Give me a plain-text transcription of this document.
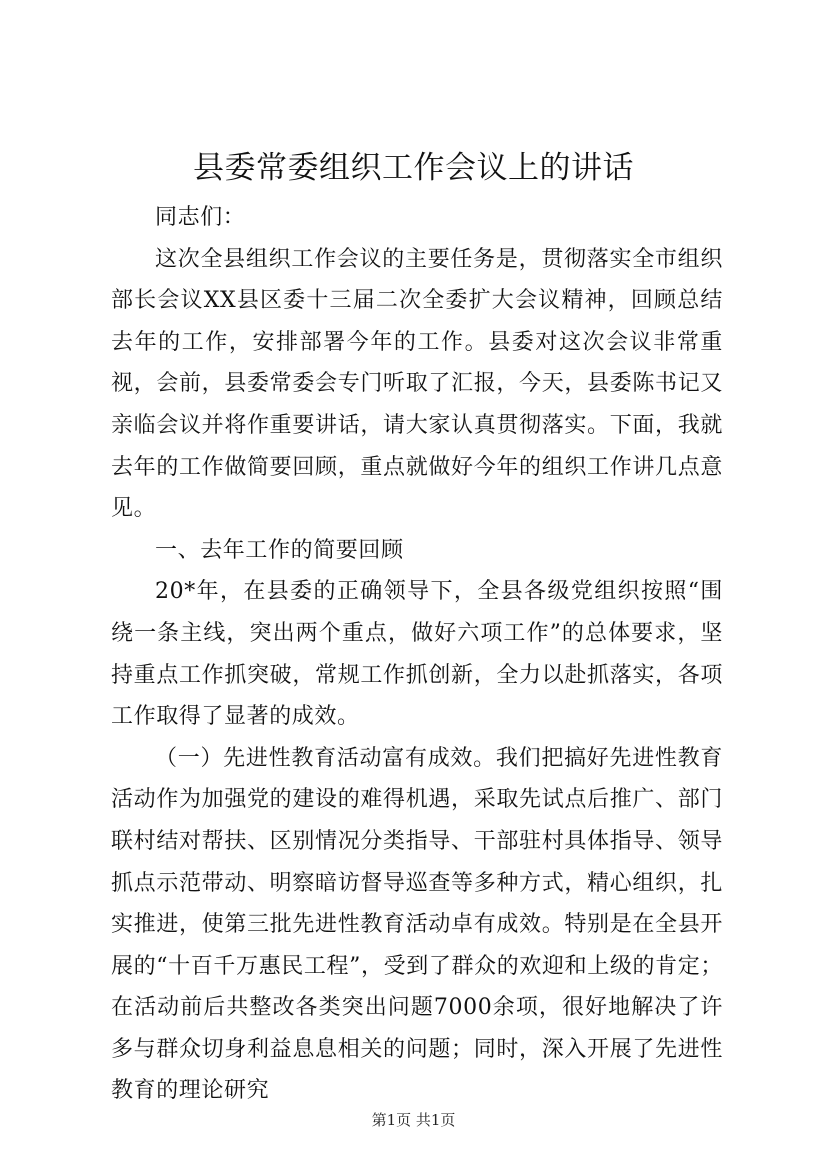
县委常委组织工作会议上的讲话

同志们：

这次全县组织工作会议的主要任务是，贯彻落实全市组织部长会议XX县区委十三届二次全委扩大会议精神，回顾总结去年的工作，安排部署今年的工作。县委对这次会议非常重视，会前，县委常委会专门听取了汇报，今天，县委陈书记又亲临会议并将作重要讲话，请大家认真贯彻落实。下面，我就去年的工作做简要回顾，重点就做好今年的组织工作讲几点意见。

一、去年工作的简要回顾

20*年，在县委的正确领导下，全县各级党组织按照“围绕一条主线，突出两个重点，做好六项工作”的总体要求，坚持重点工作抓突破，常规工作抓创新，全力以赴抓落实，各项工作取得了显著的成效。

（一）先进性教育活动富有成效。我们把搞好先进性教育活动作为加强党的建设的难得机遇，采取先试点后推广、部门联村结对帮扶、区别情况分类指导、干部驻村具体指导、领导抓点示范带动、明察暗访督导巡查等多种方式，精心组织，扎实推进，使第三批先进性教育活动卓有成效。特别是在全县开展的“十百千万惠民工程”，受到了群众的欢迎和上级的肯定；在活动前后共整改各类突出问题7000余项，很好地解决了许多与群众切身利益息息相关的问题；同时，深入开展了先进性教育的理论研究

第1页 共1页
